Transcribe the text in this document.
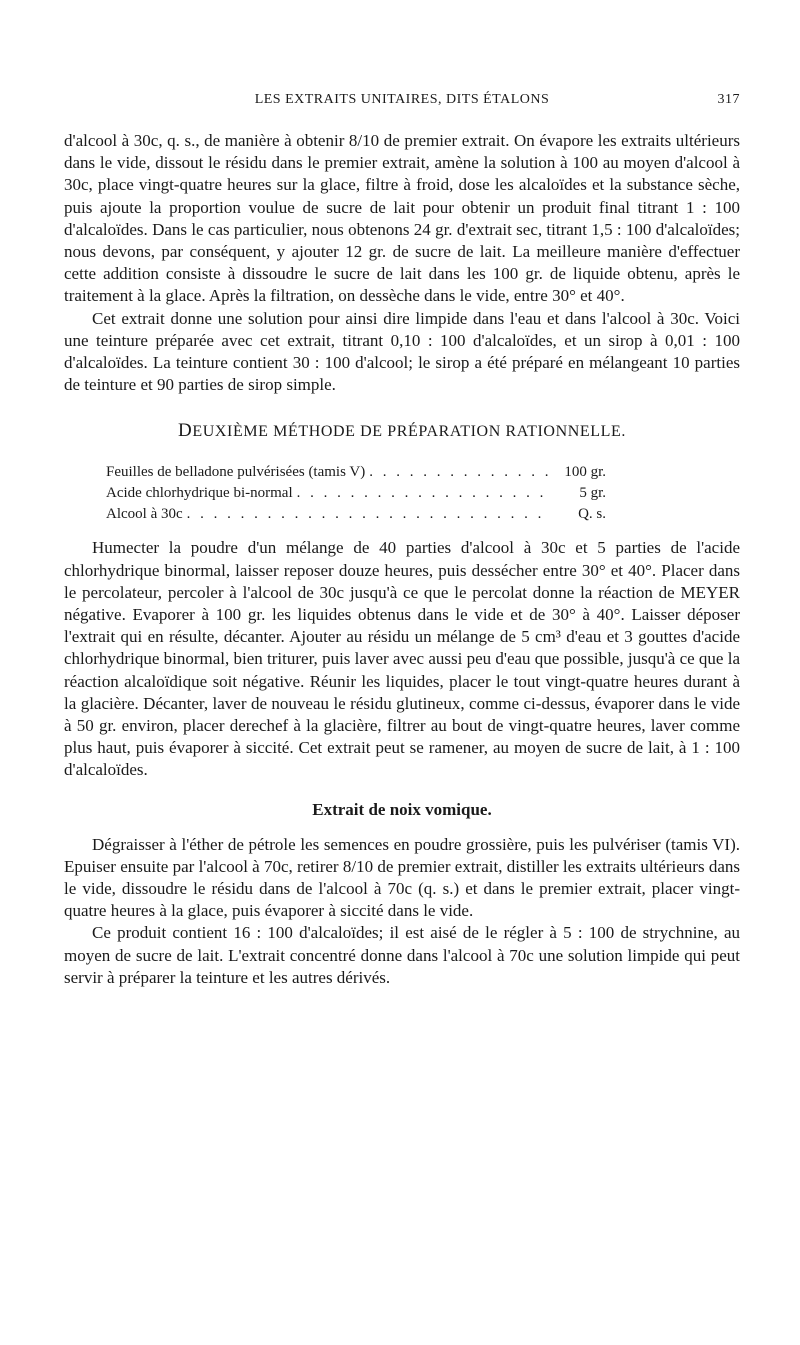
LES EXTRAITS UNITAIRES, DITS ÉTALONS	317

d'alcool à 30c, q. s., de manière à obtenir 8/10 de premier extrait. On évapore les extraits ultérieurs dans le vide, dissout le résidu dans le premier extrait, amène la solution à 100 au moyen d'alcool à 30c, place vingt-quatre heures sur la glace, filtre à froid, dose les alcaloïdes et la substance sèche, puis ajoute la proportion voulue de sucre de lait pour obtenir un produit final titrant 1 : 100 d'alcaloïdes. Dans le cas particulier, nous obtenons 24 gr. d'extrait sec, titrant 1,5 : 100 d'alcaloïdes; nous devons, par conséquent, y ajouter 12 gr. de sucre de lait. La meilleure manière d'effectuer cette addition consiste à dissoudre le sucre de lait dans les 100 gr. de liquide obtenu, après le traitement à la glace. Après la filtration, on dessèche dans le vide, entre 30° et 40°.

Cet extrait donne une solution pour ainsi dire limpide dans l'eau et dans l'alcool à 30c. Voici une teinture préparée avec cet extrait, titrant 0,10 : 100 d'alcaloïdes, et un sirop à 0,01 : 100 d'alcaloïdes. La teinture contient 30 : 100 d'alcool; le sirop a été préparé en mélangeant 10 parties de teinture et 90 parties de sirop simple.

DEUXIÈME MÉTHODE DE PRÉPARATION RATIONNELLE.
Feuilles de belladone pulvérisées (tamis V) . . .	100 gr.
Acide chlorhydrique bi-normal . . .	5 gr.
Alcool à 30c . . .	Q. s.

Humecter la poudre d'un mélange de 40 parties d'alcool à 30c et 5 parties de l'acide chlorhydrique binormal, laisser reposer douze heures, puis dessécher entre 30° et 40°. Placer dans le percolateur, percoler à l'alcool de 30c jusqu'à ce que le percolat donne la réaction de MEYER négative. Evaporer à 100 gr. les liquides obtenus dans le vide et de 30° à 40°. Laisser déposer l'extrait qui en résulte, décanter. Ajouter au résidu un mélange de 5 cm³ d'eau et 3 gouttes d'acide chlorhydrique binormal, bien triturer, puis laver avec aussi peu d'eau que possible, jusqu'à ce que la réaction alcaloïdique soit négative. Réunir les liquides, placer le tout vingt-quatre heures durant à la glacière. Décanter, laver de nouveau le résidu glutineux, comme ci-dessus, évaporer dans le vide à 50 gr. environ, placer derechef à la glacière, filtrer au bout de vingt-quatre heures, laver comme plus haut, puis évaporer à siccité. Cet extrait peut se ramener, au moyen de sucre de lait, à 1 : 100 d'alcaloïdes.

Extrait de noix vomique.

Dégraisser à l'éther de pétrole les semences en poudre grossière, puis les pulvériser (tamis VI). Epuiser ensuite par l'alcool à 70c, retirer 8/10 de premier extrait, distiller les extraits ultérieurs dans le vide, dissoudre le résidu dans de l'alcool à 70c (q. s.) et dans le premier extrait, placer vingt-quatre heures à la glace, puis évaporer à siccité dans le vide.

Ce produit contient 16 : 100 d'alcaloïdes; il est aisé de le régler à 5 : 100 de strychnine, au moyen de sucre de lait. L'extrait concentré donne dans l'alcool à 70c une solution limpide qui peut servir à préparer la teinture et les autres dérivés.
